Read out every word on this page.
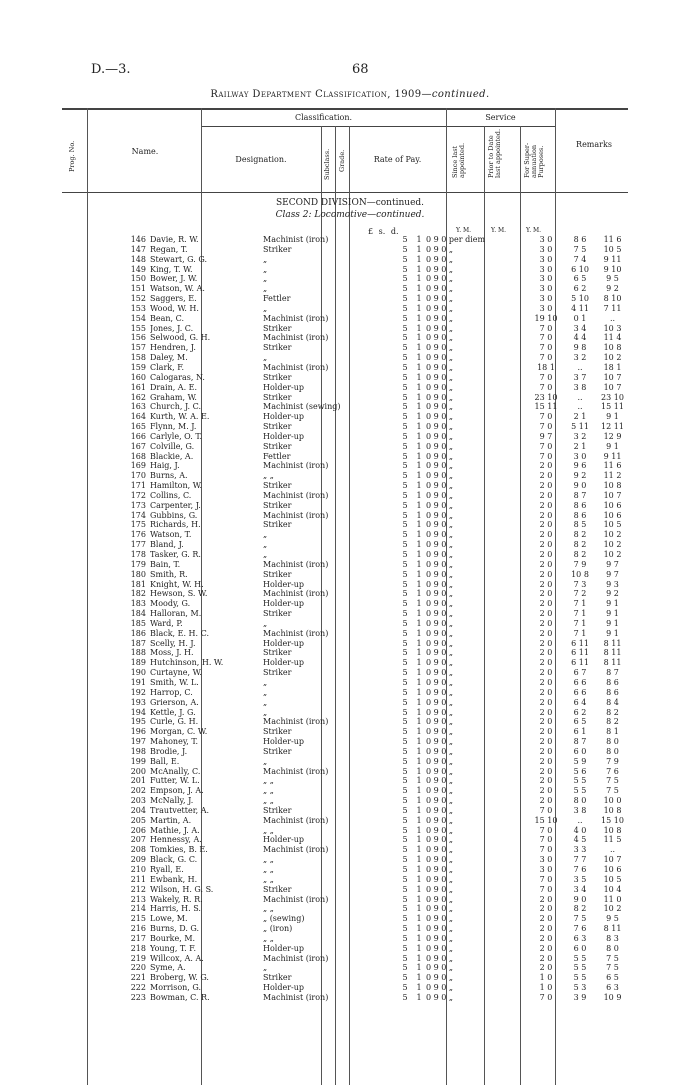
D.—3.	68
Railway Department Classification, 1909—continued.
Prog. No.	Name.
Classification.
Designation.	Subclass. Grade.	Rate of Pay.
Service
Since last appointed.	Prior to Date last appointed.	For Super-annuation Purposes.
Remarks
SECOND DIVISION—continued.
Class 2: Locomotive—continued.
£ s. d.	Y. M.	Y. M.	Y. M.
146	Davie, R. W.	Machinist (iron)	5	1	0 9 0 per diem	3 0	8 6	11 6
147	Regan, T.	Striker	5	1	0 9 0 „	3 0	7 5	10 5
148	Stewart, G. G.	„	5	1	0 9 0 „	3 0	7 4	9 11
149	King, T. W.	„	5	1	0 9 0 „	3 0	6 10	9 10
150	Bower, J. W.	„	5	1	0 9 0 „	3 0	6 5	9 5
151	Watson, W. A.	„	5	1	0 9 0 „	3 0	6 2	9 2
152	Saggers, E.	Fettler	5	1	0 9 0 „	3 0	5 10	8 10
153	Wood, W. H.	„	5	1	0 9 0 „	3 0	4 11	7 11
154	Bean, C.	Machinist (iron)	5	1	0 9 0 „	19 10	0 1	..
155	Jones, J. C.	Striker	5	1	0 9 0 „	7 0	3 4	10 3
156	Selwood, G. H.	Machinist (iron)	5	1	0 9 0 „	7 0	4 4	11 4
157	Hendren, J.	Striker	5	1	0 9 0 „	7 0	9 8	10 8
158	Daley, M.	„	5	1	0 9 0 „	7 0	3 2	10 2
159	Clark, F.	Machinist (iron)	5	1	0 9 0 „	18 1	..	18 1
160	Calogaras, N.	Striker	5	1	0 9 0 „	7 0	3 7	10 7
161	Drain, A. E.	Holder-up	5	1	0 9 0 „	7 0	3 8	10 7
162	Graham, W.	Striker	5	1	0 9 0 „	23 10	..	23 10
163	Church, J. C.	Machinist (sewing)	5	1	0 9 0 „	15 11	..	15 11
164	Kurth, W. A. E.	Holder-up	5	1	0 9 0 „	7 0	2 1	9 1
165	Flynn, M. J.	Striker	5	1	0 9 0 „	7 0	5 11	12 11
166	Carlyle, O. T.	Holder-up	5	1	0 9 0 „	9 7	3 2	12 9
167	Colville, G.	Striker	5	1	0 9 0 „	7 0	2 1	9 1
168	Blackie, A.	Fettler	5	1	0 9 0 „	7 0	3 0	9 11
169	Haig, J.	Machinist (iron)	5	1	0 9 0 „	2 0	9 6	11 6
170	Burns, A.	„ „	5	1	0 9 0 „	2 0	9 2	11 2
171	Hamilton, W.	Striker	5	1	0 9 0 „	2 0	9 0	10 8
172	Collins, C.	Machinist (iron)	5	1	0 9 0 „	2 0	8 7	10 7
173	Carpenter, J.	Striker	5	1	0 9 0 „	2 0	8 6	10 6
174	Gubbins, G.	Machinist (iron)	5	1	0 9 0 „	2 0	8 6	10 6
175	Richards, H.	Striker	5	1	0 9 0 „	2 0	8 5	10 5
176	Watson, T.	„	5	1	0 9 0 „	2 0	8 2	10 2
177	Bland, J.	„	5	1	0 9 0 „	2 0	8 2	10 2
178	Tasker, G. R.	„	5	1	0 9 0 „	2 0	8 2	10 2
179	Bain, T.	Machinist (iron)	5	1	0 9 0 „	2 0	7 9	9 7
180	Smith, R.	Striker	5	1	0 9 0 „	2 0	10 8	9 7
181	Knight, W. H.	Holder-up	5	1	0 9 0 „	2 0	7 3	9 3
182	Hewson, S. W.	Machinist (iron)	5	1	0 9 0 „	2 0	7 2	9 2
183	Moody, G.	Holder-up	5	1	0 9 0 „	2 0	7 1	9 1
184	Halloran, M.	Striker	5	1	0 9 0 „	2 0	7 1	9 1
185	Ward, P.	„	5	1	0 9 0 „	2 0	7 1	9 1
186	Black, E. H. C.	Machinist (iron)	5	1	0 9 0 „	2 0	7 1	9 1
187	Scelly, H. J.	Holder-up	5	1	0 9 0 „	2 0	6 11	8 11
188	Moss, J. H.	Striker	5	1	0 9 0 „	2 0	6 11	8 11
189	Hutchinson, H. W.	Holder-up	5	1	0 9 0 „	2 0	6 11	8 11
190	Curtayne, W.	Striker	5	1	0 9 0 „	2 0	6 7	8 7
191	Smith, W. L.	„	5	1	0 9 0 „	2 0	6 6	8 6
192	Harrop, C.	„	5	1	0 9 0 „	2 0	6 6	8 6
193	Grierson, A.	„	5	1	0 9 0 „	2 0	6 4	8 4
194	Kettle, J. G.	„	5	1	0 9 0 „	2 0	6 2	8 2
195	Curle, G. H.	Machinist (iron)	5	1	0 9 0 „	2 0	6 5	8 2
196	Morgan, C. W.	Striker	5	1	0 9 0 „	2 0	6 1	8 1
197	Mahoney, T.	Holder-up	5	1	0 9 0 „	2 0	8 7	8 0
198	Brodie, J.	Striker	5	1	0 9 0 „	2 0	6 0	8 0
199	Ball, E.	„	5	1	0 9 0 „	2 0	5 9	7 9
200	McAnally, C.	Machinist (iron)	5	1	0 9 0 „	2 0	5 6	7 6
201	Futter, W. L.	„ „	5	1	0 9 0 „	2 0	5 5	7 5
202	Empson, J. A.	„ „	5	1	0 9 0 „	2 0	5 5	7 5
203	McNally, J.	„ „	5	1	0 9 0 „	2 0	8 0	10 0
204	Trautvetter, A.	Striker	5	1	0 9 0 „	7 0	3 8	10 8
205	Martin, A.	Machinist (iron)	5	1	0 9 0 „	15 10	..	15 10
206	Mathie, J. A.	„ „	5	1	0 9 0 „	7 0	4 0	10 8
207	Hennessy, A.	Holder-up	5	1	0 9 0 „	7 0	4 5	11 5
208	Tomkies, B. E.	Machinist (iron)	5	1	0 9 0 „	7 0	3 3	..
209	Black, G. C.	„ „	5	1	0 9 0 „	3 0	7 7	10 7
210	Ryall, E.	„ „	5	1	0 9 0 „	3 0	7 6	10 6
211	Ewbank, H.	„ „	5	1	0 9 0 „	7 0	3 5	10 5
212	Wilson, H. G. S.	Striker	5	1	0 9 0 „	7 0	3 4	10 4
213	Wakely, R. R.	Machinist (iron)	5	1	0 9 0 „	2 0	9 0	11 0
214	Harris, H. S.	„ „	5	1	0 9 0 „	2 0	8 2	10 2
215	Lowe, M.	„ (sewing)	5	1	0 9 0 „	2 0	7 5	9 5
216	Burns, D. G.	„ (iron)	5	1	0 9 0 „	2 0	7 6	8 11
217	Bourke, M.	„ „	5	1	0 9 0 „	2 0	6 3	8 3
218	Young, T. F.	Holder-up	5	1	0 9 0 „	2 0	6 0	8 0
219	Willcox, A. A.	Machinist (iron)	5	1	0 9 0 „	2 0	5 5	7 5
220	Syme, A.	„	5	1	0 9 0 „	2 0	5 5	7 5
221	Broberg, W. G.	Striker	5	1	0 9 0 „	1 0	5 5	6 5
222	Morrison, G.	Holder-up	5	1	0 9 0 „	1 0	5 3	6 3
223	Bowman, C. R.	Machinist (iron)	5	1	0 9 0 „	7 0	3 9	10 9
